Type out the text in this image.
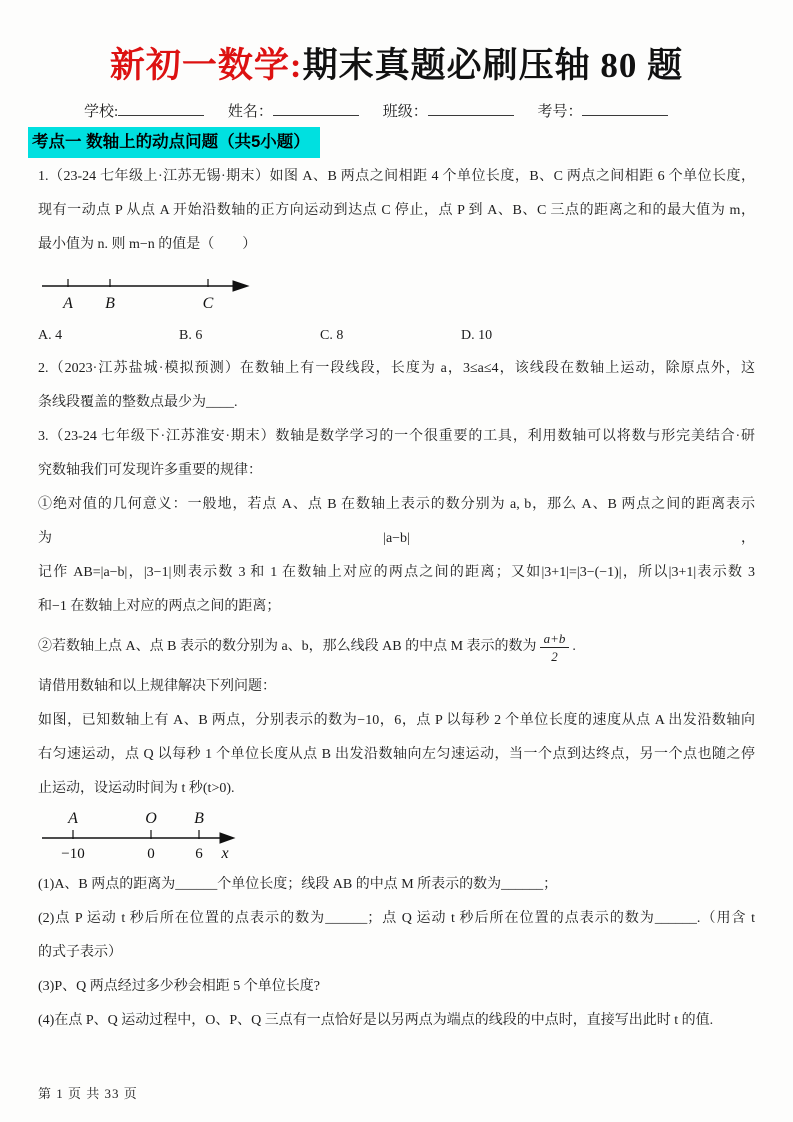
新初一数学:期末真题必刷压轴 80 题
学校:	姓名：	班级：	考号：
考点一 数轴上的动点问题（共5小题）

1.（23-24 七年级上·江苏无锡·期末）如图 A、B 两点之间相距 4 个单位长度，B、C 两点之间相距 6 个单位长度，

现有一动点 P 从点 A 开始沿数轴的正方向运动到达点 C 停止，点 P 到 A、B、C 三点的距离之和的最大值为 m，

最小值为 n. 则 m−n 的值是（　　）

A B	C
A. 4	B. 6	C. 8	D. 10

2.（2023·江苏盐城·模拟预测）在数轴上有一段线段，长度为 a，3≤a≤4，该线段在数轴上运动，除原点外，这

条线段覆盖的整数点最少为____.

3.（23-24 七年级下·江苏淮安·期末）数轴是数学学习的一个很重要的工具，利用数轴可以将数与形完美结合·研

究数轴我们可发现许多重要的规律：

①绝对值的几何意义：一般地，若点 A、点 B 在数轴上表示的数分别为 a, b，那么 A、B 两点之间的距离表示为|a−b|，

记作 AB=|a−b|，|3−1|则表示数 3 和 1 在数轴上对应的两点之间的距离；又如|3+1|=|3−(−1)|，所以|3+1|表示数 3

和−1 在数轴上对应的两点之间的距离；

②若数轴上点 A、点 B 表示的数分别为 a、b，那么线段 AB 的中点 M 表示的数为 $\frac{a+b}{2}$ .

请借用数轴和以上规律解决下列问题：

如图，已知数轴上有 A、B 两点，分别表示的数为−10，6，点 P 以每秒 2 个单位长度的速度从点 A 出发沿数轴向

右匀速运动，点 Q 以每秒 1 个单位长度从点 B 出发沿数轴向左匀速运动，当一个点到达终点，另一个点也随之停

止运动，设运动时间为 t 秒(t>0).

A	O B
−10	0	6 x

(1)A、B 两点的距离为______个单位长度；线段 AB 的中点 M 所表示的数为______；

(2)点 P 运动 t 秒后所在位置的点表示的数为______；点 Q 运动 t 秒后所在位置的点表示的数为______.（用含 t

的式子表示）

(3)P、Q 两点经过多少秒会相距 5 个单位长度?

(4)在点 P、Q 运动过程中，O、P、Q 三点有一点恰好是以另两点为端点的线段的中点时，直接写出此时 t 的值.

第 1 页 共 33 页
